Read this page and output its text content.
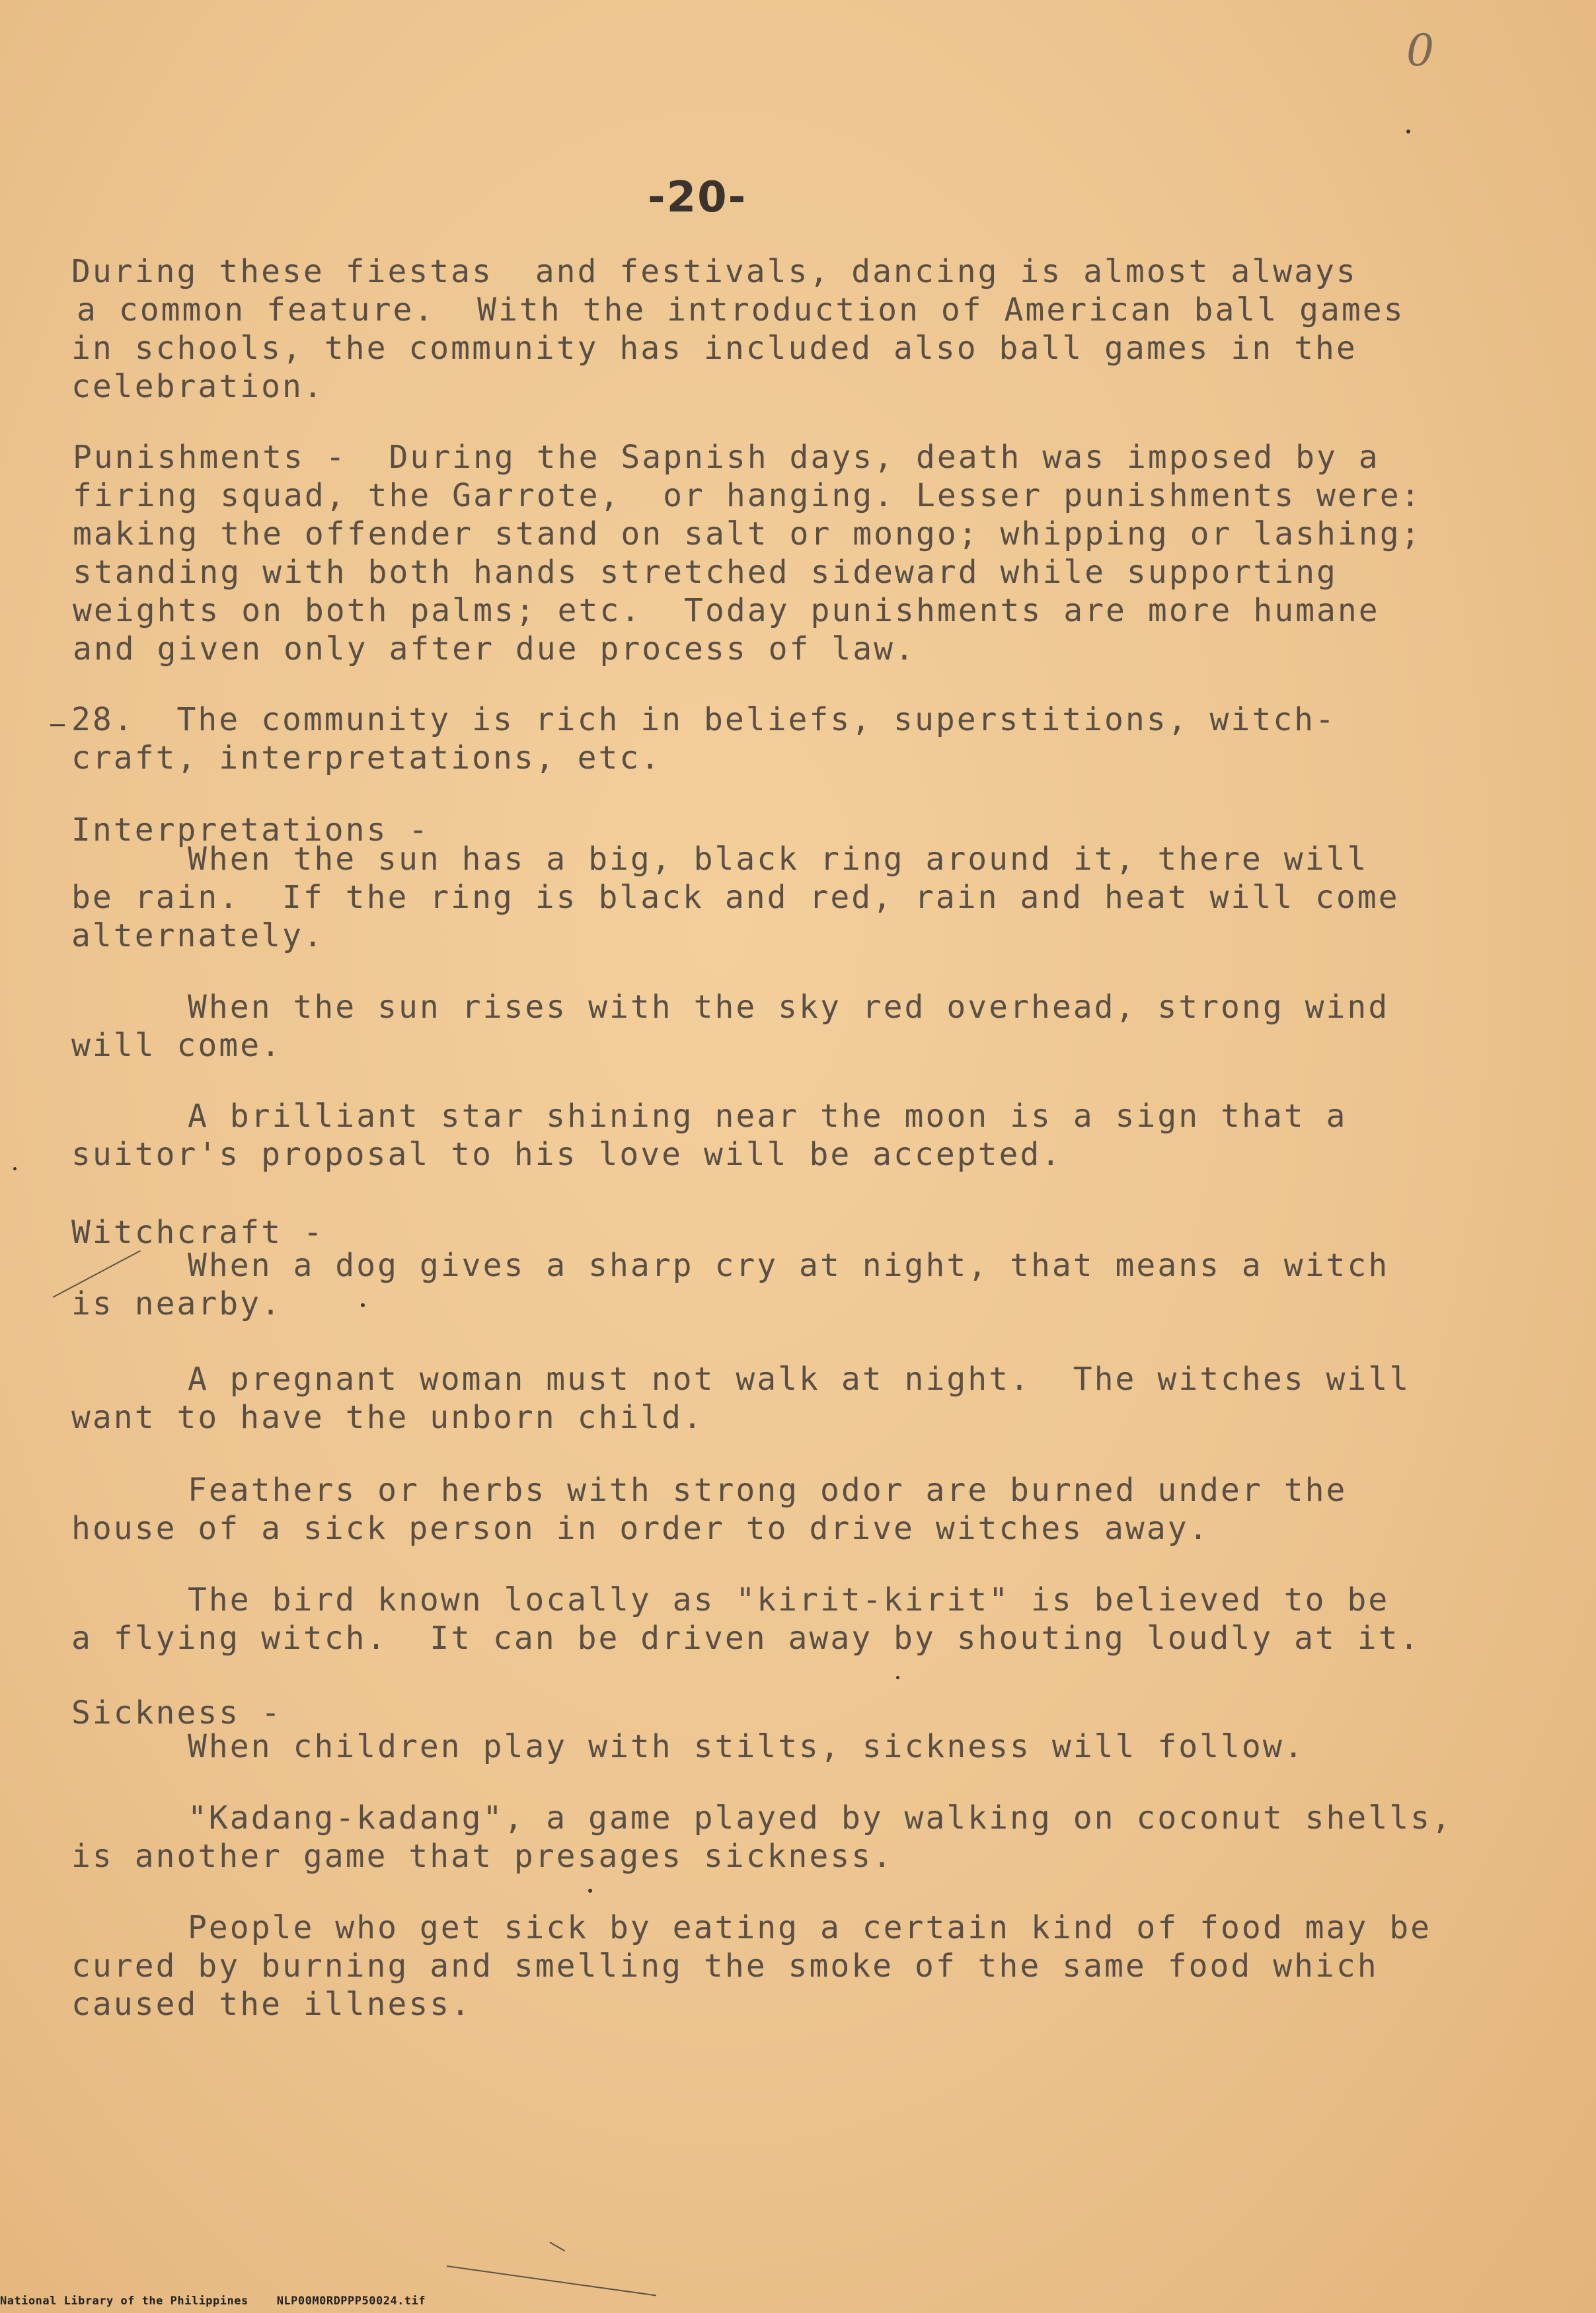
0
-20-

During these fiestas  and festivals, dancing is almost always

a common feature.  With the introduction of American ball games

in schools, the community has included also ball games in the

celebration.

Punishments -  During the Sapnish days, death was imposed by a

firing squad, the Garrote,  or hanging. Lesser punishments were:

making the offender stand on salt or mongo; whipping or lashing;

standing with both hands stretched sideward while supporting

weights on both palms; etc.  Today punishments are more humane

and given only after due process of law.

28.  The community is rich in beliefs, superstitions, witch-

craft, interpretations, etc.

Interpretations -

When the sun has a big, black ring around it, there will

be rain.  If the ring is black and red, rain and heat will come

alternately.

When the sun rises with the sky red overhead, strong wind

will come.

A brilliant star shining near the moon is a sign that a

suitor's proposal to his love will be accepted.

Witchcraft -

When a dog gives a sharp cry at night, that means a witch

is nearby.

A pregnant woman must not walk at night.  The witches will

want to have the unborn child.

Feathers or herbs with strong odor are burned under the

house of a sick person in order to drive witches away.

The bird known locally as "kirit-kirit" is believed to be

a flying witch.  It can be driven away by shouting loudly at it.

Sickness -

When children play with stilts, sickness will follow.

"Kadang-kadang", a game played by walking on coconut shells,

is another game that presages sickness.

People who get sick by eating a certain kind of food may be

cured by burning and smelling the smoke of the same food which

caused the illness.

National Library of the Philippines	NLP00M0RDPPP50024.tif
